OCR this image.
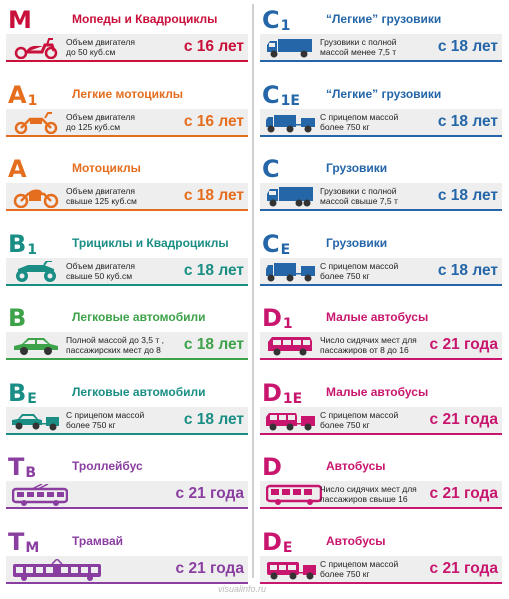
M	Мопеды и Квадроциклы
Объем двигателя
до 50 куб.см	с 16 лет
$A_1$	Легкие мотоциклы
Объем двигателя
до 125 куб.см	с 16 лет
A	Мотоциклы
Объем двигателя
свыше 125 куб.см	с 18 лет
$B_1$	Трициклы и Квадроциклы
Объем двигателя
свыше 50 куб.см	с 18 лет
B	Легковые автомобили
Полной массой до 3,5 т ,
пассажирских мест до 8	с 18 лет
$B_E$	Легковые автомобили
С прицепом массой
более 750 кг	с 18 лет
$T_B$	Троллейбус
с 21 года
$T_M$	Трамвай
с 21 года
$C_1$	“Легкие” грузовики
Грузовики с полной
массой менее 7,5 т	с 18 лет
$C_{1E}$ “Легкие” грузовики
С прицепом массой
более 750 кг	с 18 лет
C	Грузовики
Грузовики с полной
массой свыше 7,5 т	с 18 лет
$C_E$	Грузовики
С прицепом массой
более 750 кг	с 18 лет
$D_1$	Малые автобусы
Число сидячих мест для
пассажиров от 8 до 16	с 21 года
$D_{1E}$ Малые автобусы
С прицепом массой
более 750 кг	с 21 года
D	Автобусы
Число сидячих мест для
пассажиров свыше 16	с 21 года
$D_E$	Автобусы
С прицепом массой
более 750 кг	с 21 года
visualinfo.ru
